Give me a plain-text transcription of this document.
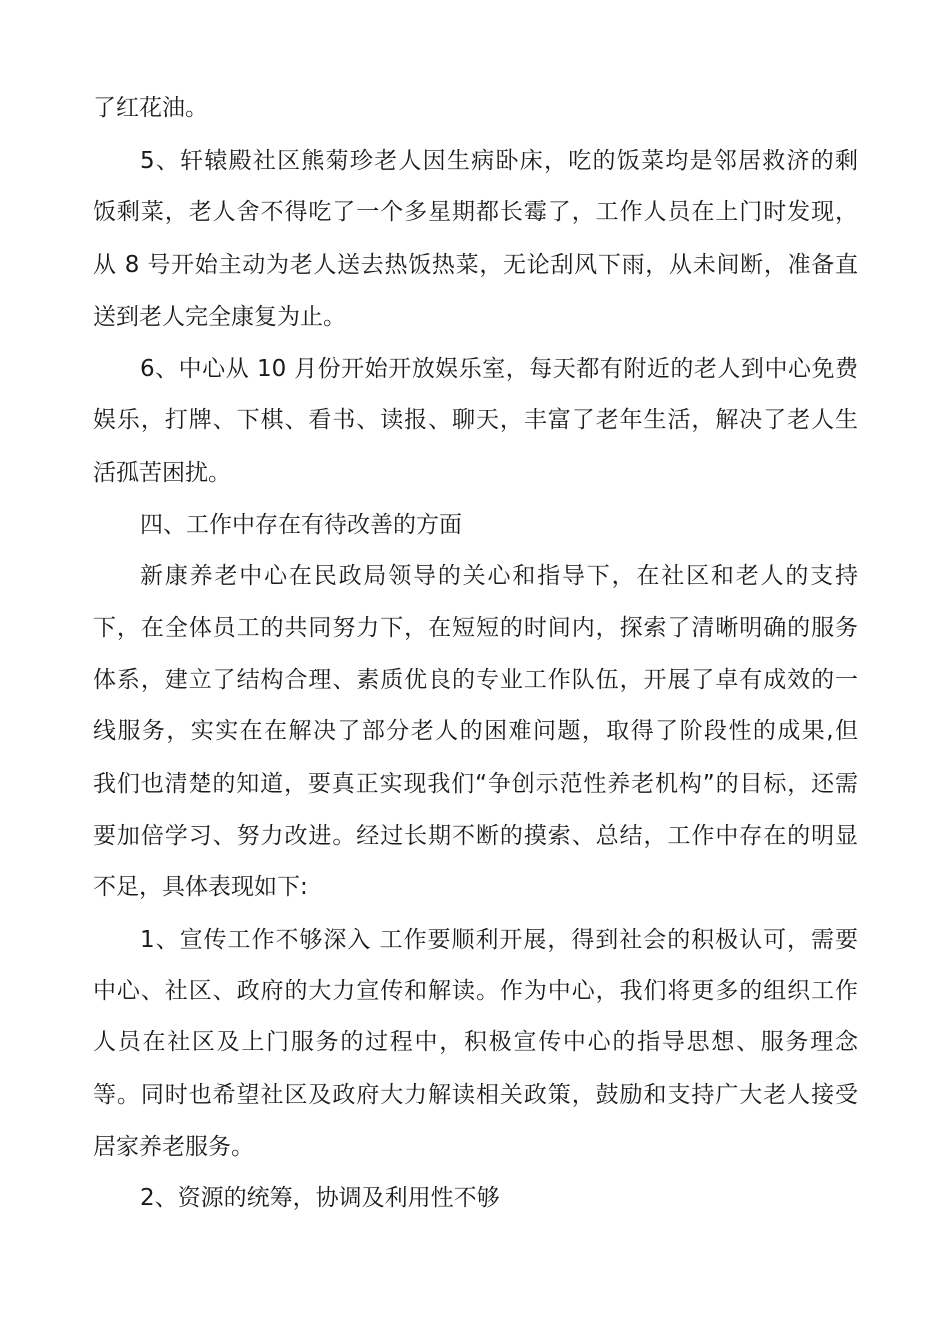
了红花油。
5、轩辕殿社区熊菊珍老人因生病卧床，吃的饭菜均是邻居救济的剩
饭剩菜，老人舍不得吃了一个多星期都长霉了，工作人员在上门时发现，
从 8 号开始主动为老人送去热饭热菜，无论刮风下雨，从未间断，准备直
送到老人完全康复为止。
6、中心从 10 月份开始开放娱乐室，每天都有附近的老人到中心免费
娱乐，打牌、下棋、看书、读报、聊天，丰富了老年生活，解决了老人生
活孤苦困扰。
四、工作中存在有待改善的方面
新康养老中心在民政局领导的关心和指导下，在社区和老人的支持
下，在全体员工的共同努力下，在短短的时间内，探索了清晰明确的服务
体系，建立了结构合理、素质优良的专业工作队伍，开展了卓有成效的一
线服务，实实在在解决了部分老人的困难问题，取得了阶段性的成果,但
我们也清楚的知道，要真正实现我们“争创示范性养老机构”的目标，还需
要加倍学习、努力改进。经过长期不断的摸索、总结，工作中存在的明显
不足，具体表现如下:
1、宣传工作不够深入 工作要顺利开展，得到社会的积极认可，需要
中心、社区、政府的大力宣传和解读。作为中心，我们将更多的组织工作
人员在社区及上门服务的过程中，积极宣传中心的指导思想、服务理念
等。同时也希望社区及政府大力解读相关政策，鼓励和支持广大老人接受
居家养老服务。
2、资源的统筹，协调及利用性不够
